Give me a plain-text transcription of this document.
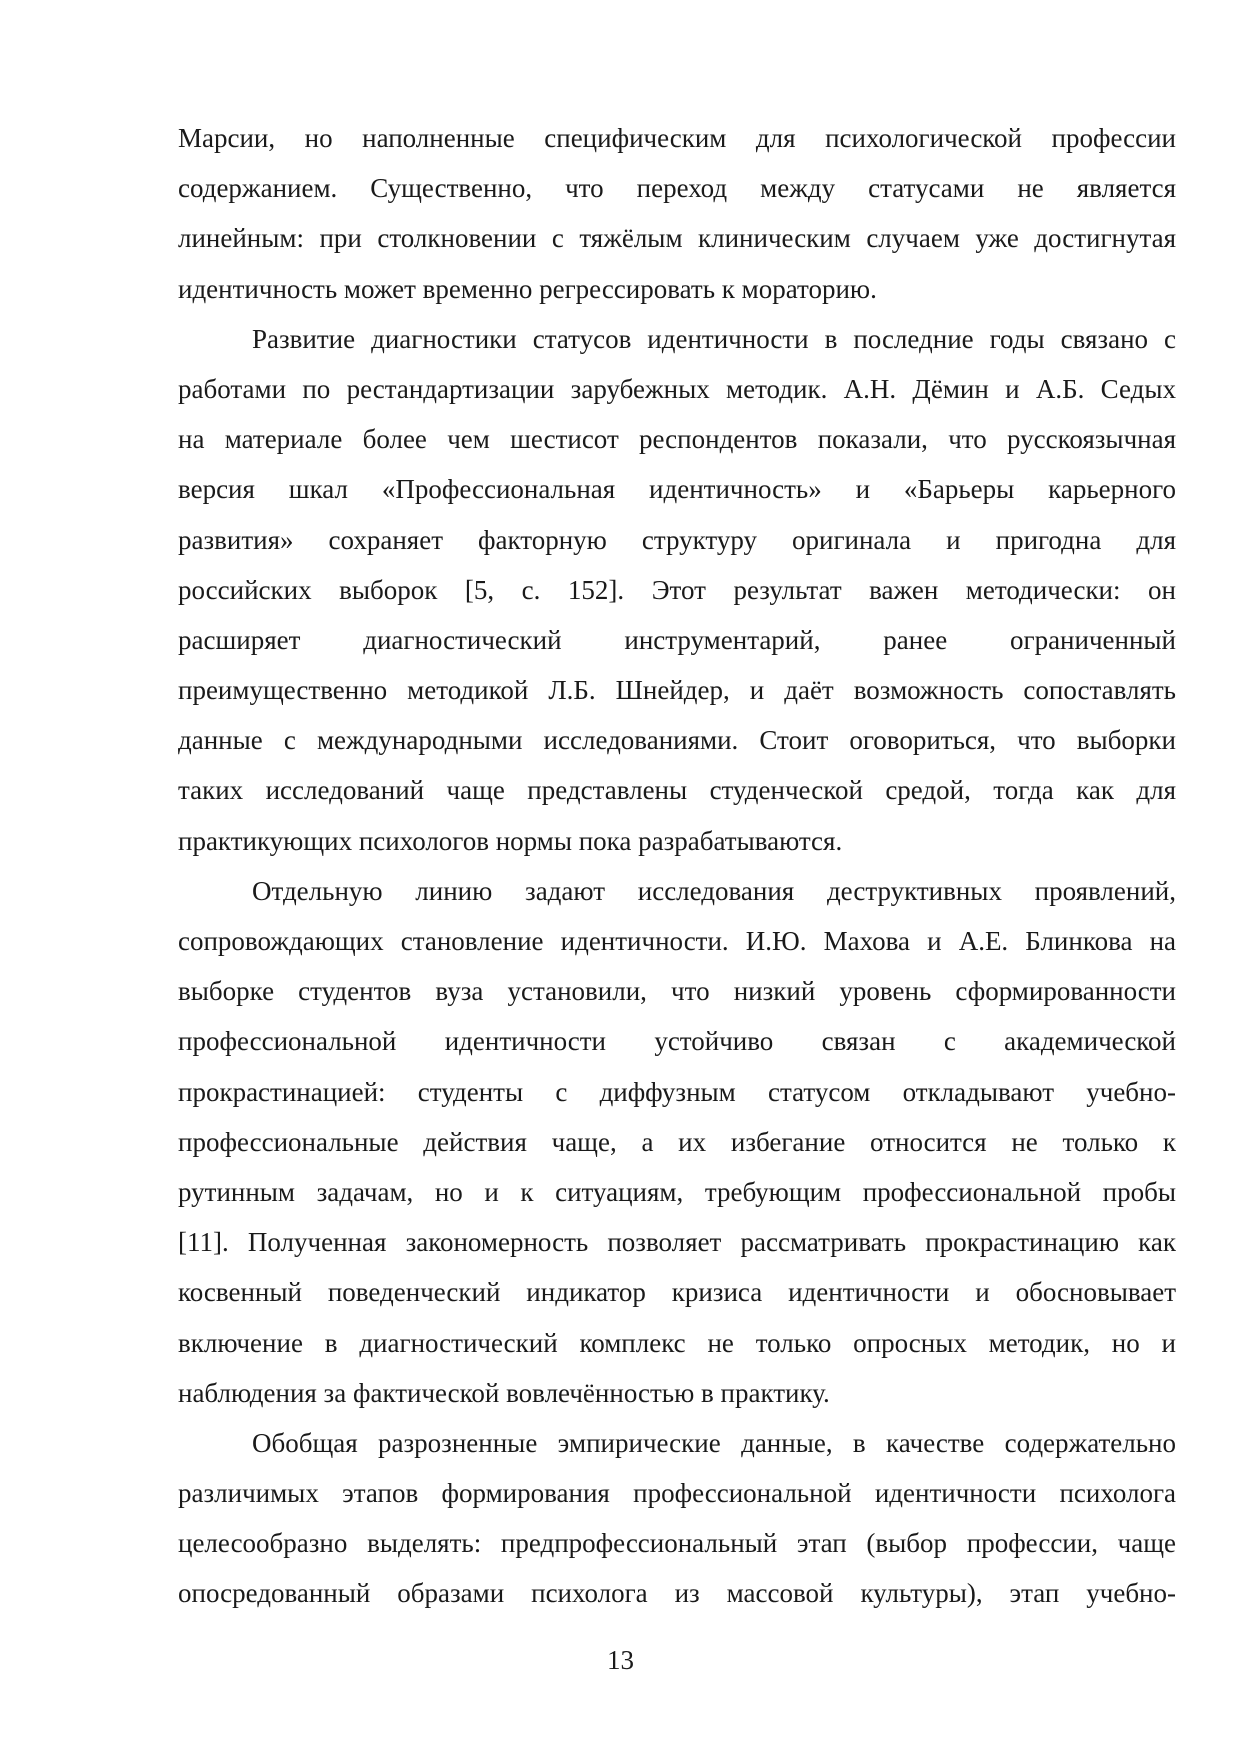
Марсии, но наполненные специфическим для психологической профессии
содержанием. Существенно, что переход между статусами не является
линейным: при столкновении с тяжёлым клиническим случаем уже достигнутая
идентичность может временно регрессировать к мораторию.
Развитие диагностики статусов идентичности в последние годы связано с
работами по рестандартизации зарубежных методик. А.Н. Дёмин и А.Б. Седых
на материале более чем шестисот респондентов показали, что русскоязычная
версия шкал «Профессиональная идентичность» и «Барьеры карьерного
развития» сохраняет факторную структуру оригинала и пригодна для
российских выборок [5, с. 152]. Этот результат важен методически: он
расширяет диагностический инструментарий, ранее ограниченный
преимущественно методикой Л.Б. Шнейдер, и даёт возможность сопоставлять
данные с международными исследованиями. Стоит оговориться, что выборки
таких исследований чаще представлены студенческой средой, тогда как для
практикующих психологов нормы пока разрабатываются.
Отдельную линию задают исследования деструктивных проявлений,
сопровождающих становление идентичности. И.Ю. Махова и А.Е. Блинкова на
выборке студентов вуза установили, что низкий уровень сформированности
профессиональной идентичности устойчиво связан с академической
прокрастинацией: студенты с диффузным статусом откладывают учебно-
профессиональные действия чаще, а их избегание относится не только к
рутинным задачам, но и к ситуациям, требующим профессиональной пробы
[11]. Полученная закономерность позволяет рассматривать прокрастинацию как
косвенный поведенческий индикатор кризиса идентичности и обосновывает
включение в диагностический комплекс не только опросных методик, но и
наблюдения за фактической вовлечённостью в практику.
Обобщая разрозненные эмпирические данные, в качестве содержательно
различимых этапов формирования профессиональной идентичности психолога
целесообразно выделять: предпрофессиональный этап (выбор профессии, чаще
опосредованный образами психолога из массовой культуры), этап учебно-
13
